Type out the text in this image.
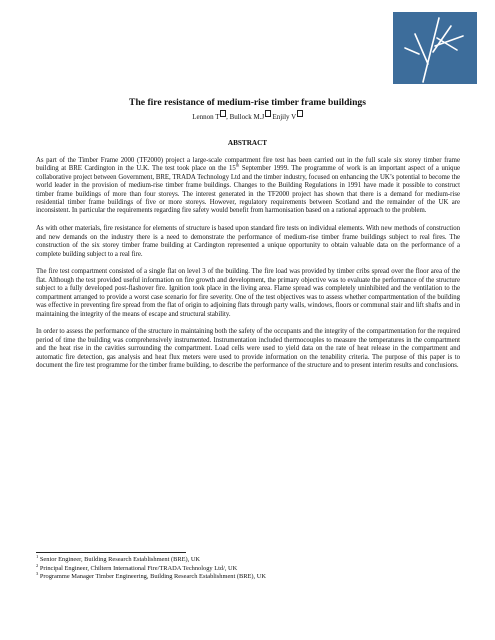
The fire resistance of medium-rise timber frame buildings
Lennon T , Bullock M.J Enjily V
ABSTRACT

As part of the Timber Frame 2000 (TF2000) project a large-scale compartment fire test has been carried out in the full scale six storey timber frame building at BRE Cardington in the U.K. The test took place on the 15th September 1999. The programme of work is an important aspect of a unique collaborative project between Government, BRE, TRADA Technology Ltd and the timber industry, focused on enhancing the UK’s potential to become the world leader in the provision of medium-rise timber frame buildings. Changes to the Building Regulations in 1991 have made it possible to construct timber frame buildings of more than four storeys. The interest generated in the TF2000 project has shown that there is a demand for medium-rise residential timber frame buildings of five or more storeys. However, regulatory requirements between Scotland and the remainder of the UK are inconsistent. In particular the requirements regarding fire safety would benefit from harmonisation based on a rational approach to the problem.

As with other materials, fire resistance for elements of structure is based upon standard fire tests on individual elements. With new methods of construction and new demands on the industry there is a need to demonstrate the performance of medium-rise timber frame buildings subject to real fires. The construction of the six storey timber frame building at Cardington represented a unique opportunity to obtain valuable data on the performance of a complete building subject to a real fire.

The fire test compartment consisted of a single flat on level 3 of the building. The fire load was provided by timber cribs spread over the floor area of the flat. Although the test provided useful information on fire growth and development, the primary objective was to evaluate the performance of the structure subject to a fully developed post-flashover fire. Ignition took place in the living area. Flame spread was completely uninhibited and the ventilation to the compartment arranged to provide a worst case scenario for fire severity. One of the test objectives was to assess whether compartmentation of the building was effective in preventing fire spread from the flat of origin to adjoining flats through party walls, windows, floors or communal stair and lift shafts and in maintaining the integrity of the means of escape and structural stability.

In order to assess the performance of the structure in maintaining both the safety of the occupants and the integrity of the compartmentation for the required period of time the building was comprehensively instrumented. Instrumentation included thermocouples to measure the temperatures in the compartment and the heat rise in the cavities surrounding the compartment. Load cells were used to yield data on the rate of heat release in the compartment and automatic fire detection, gas analysis and heat flux meters were used to provide information on the tenability criteria. The purpose of this paper is to document the fire test programme for the timber frame building, to describe the performance of the structure and to present interim results and conclusions.

$^1$ Senior Engineer, Building Research Establishment (BRE), UK
$^2$ Principal Engineer, Chiltern International Fire/TRADA Technology Ltd/, UK
$^3$ Programme Manager Timber Engineering, Building Research Establishment (BRE), UK
